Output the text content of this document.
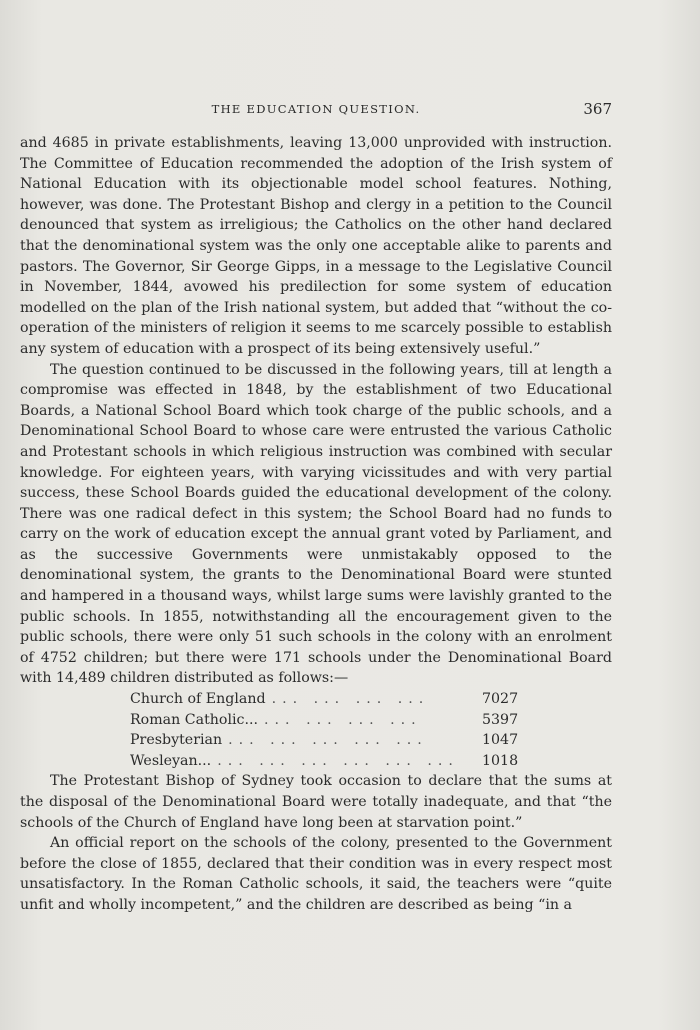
THE EDUCATION QUESTION.	367

and 4685 in private establishments, leaving 13,000 unprovided with instruction. The Committee of Education recommended the adoption of the Irish system of National Education with its objectionable model school features. Nothing, however, was done. The Protestant Bishop and clergy in a petition to the Council denounced that system as irreligious; the Catholics on the other hand declared that the denominational system was the only one acceptable alike to parents and pastors. The Governor, Sir George Gipps, in a message to the Legislative Council in November, 1844, avowed his predilection for some system of education modelled on the plan of the Irish national system, but added that “without the co-operation of the ministers of religion it seems to me scarcely possible to establish any system of education with a prospect of its being extensively useful.”

The question continued to be discussed in the following years, till at length a compromise was effected in 1848, by the establishment of two Educational Boards, a National School Board which took charge of the public schools, and a Denominational School Board to whose care were entrusted the various Catholic and Protestant schools in which religious instruction was combined with secular knowledge. For eighteen years, with varying vicissitudes and with very partial success, these School Boards guided the educational development of the colony. There was one radical defect in this system; the School Board had no funds to carry on the work of education except the annual grant voted by Parliament, and as the successive Governments were unmistakably opposed to the denominational system, the grants to the Denominational Board were stunted and hampered in a thousand ways, whilst large sums were lavishly granted to the public schools. In 1855, notwithstanding all the encouragement given to the public schools, there were only 51 such schools in the colony with an enrolment of 4752 children; but there were 171 schools under the Denominational Board with 14,489 children distributed as follows:—

Church of England ... ... ... ...	7027
Roman Catholic... ... ... ... ...	5397
Presbyterian ... ... ... ... ...	1047
Wesleyan... ... ... ... ... ... ...	1018

The Protestant Bishop of Sydney took occasion to declare that the sums at the disposal of the Denominational Board were totally inadequate, and that “the schools of the Church of England have long been at starvation point.”

An official report on the schools of the colony, presented to the Government before the close of 1855, declared that their condition was in every respect most unsatisfactory. In the Roman Catholic schools, it said, the teachers were “quite unfit and wholly incompetent,” and the children are described as being “in a
